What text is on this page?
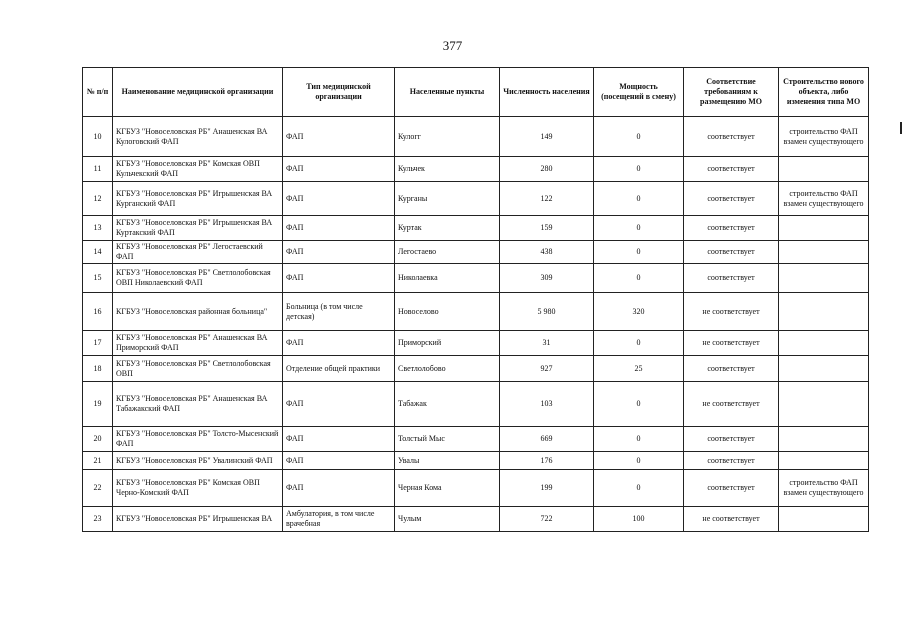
377
№ п/п	Наименование медицинской организации	Тип медицинской организации	Населенные пункты	Численность населения	Мощность (посещений в смену)	Соответствие требованиям к размещению МО	Строительство нового объекта, либо изменения типа МО
10	КГБУЗ "Новоселовская РБ" Анашенская ВА Кулоговский ФАП	ФАП	Кулогг	149	0	соответствует	строительство ФАП взамен существующего
11	КГБУЗ "Новоселовская РБ" Комская ОВП Кульчекский ФАП	ФАП	Кульчек	280	0	соответствует	
12	КГБУЗ "Новоселовская РБ" Игрышенская ВА Курганский ФАП	ФАП	Курганы	122	0	соответствует	строительство ФАП взамен существующего
13	КГБУЗ "Новоселовская РБ" Игрышенская ВА Куртакский ФАП	ФАП	Куртак	159	0	соответствует	
14	КГБУЗ "Новоселовская РБ" Легостаевский ФАП	ФАП	Легостаево	438	0	соответствует	
15	КГБУЗ "Новоселовская РБ" Светлолобовская ОВП Николаевский ФАП	ФАП	Николаевка	309	0	соответствует	
16	КГБУЗ "Новоселовская районная больница"	Больница (в том числе детская)	Новоселово	5 980	320	не соответствует	
17	КГБУЗ "Новоселовская РБ" Анашенская ВА Приморский ФАП	ФАП	Приморский	31	0	не соответствует	
18	КГБУЗ "Новоселовская РБ" Светлолобовская ОВП	Отделение общей практики	Светлолобово	927	25	соответствует	
19	КГБУЗ "Новоселовская РБ" Анашенская ВА Табажакский ФАП	ФАП	Табажак	103	0	не соответствует	
20	КГБУЗ "Новоселовская РБ" Толсто-Мысенский ФАП	ФАП	Толстый Мыс	669	0	соответствует	
21	КГБУЗ "Новоселовская РБ" Увалинский ФАП	ФАП	Увалы	176	0	соответствует	
22	КГБУЗ "Новоселовская РБ" Комская ОВП Черно-Комский ФАП	ФАП	Черная Кома	199	0	соответствует	строительство ФАП взамен существующего
23	КГБУЗ "Новоселовская РБ" Игрышенская ВА	Амбулатория, в том числе врачебная	Чулым	722	100	не соответствует	
